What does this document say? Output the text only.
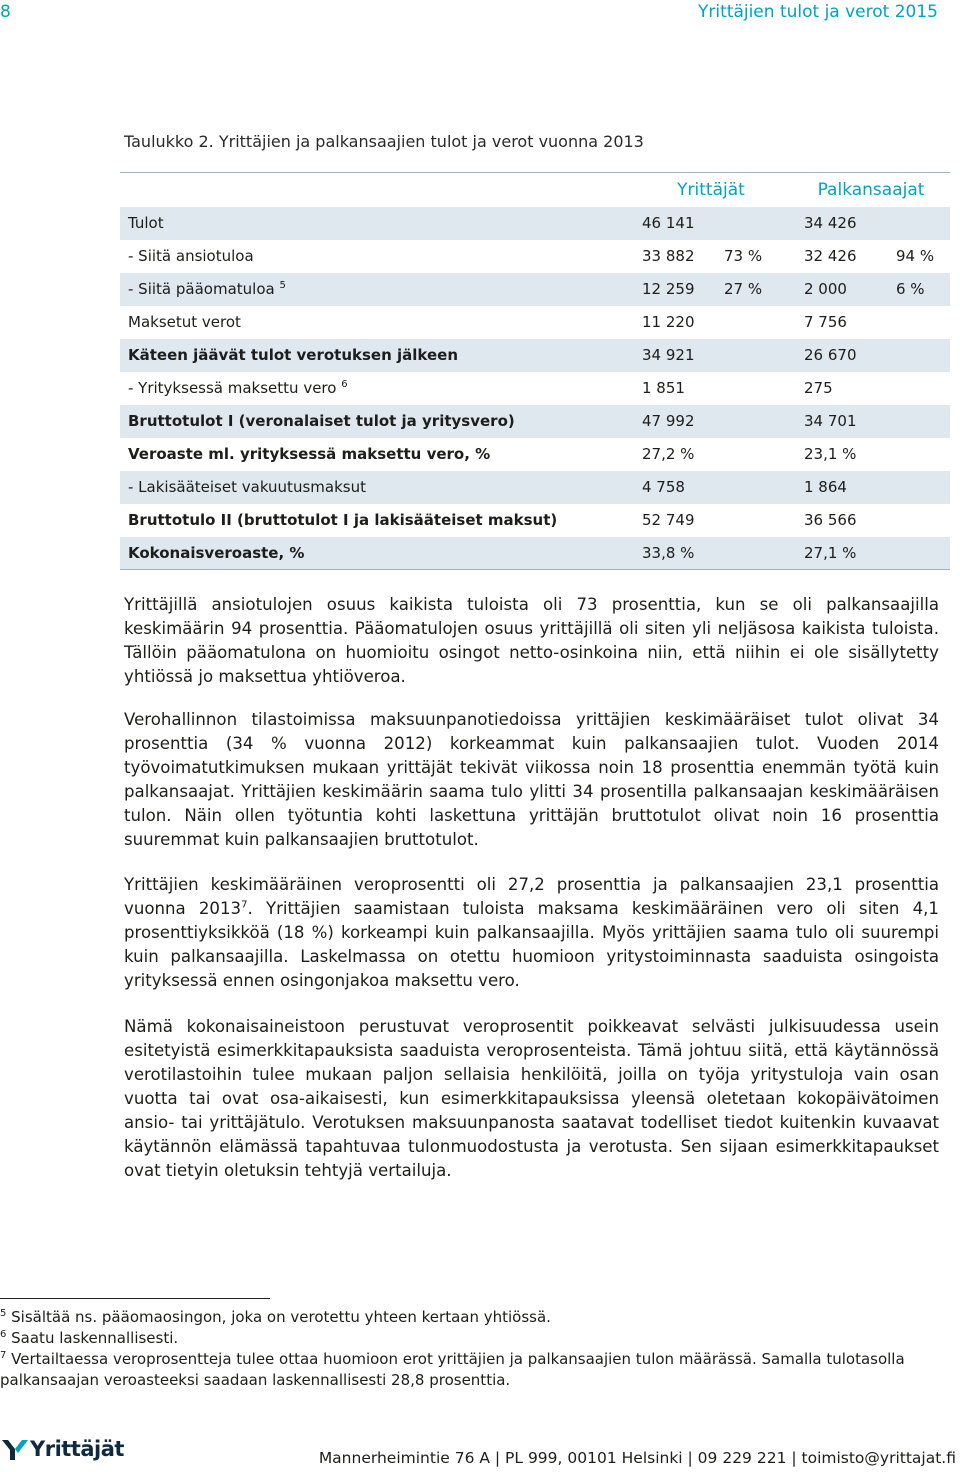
8	Yrittäjien tulot ja verot 2015
Taulukko 2. Yrittäjien ja palkansaajien tulot ja verot vuonna 2013
	Yrittäjät		Palkansaajat	
Tulot	46 141		34 426	
- Siitä ansiotuloa	33 882	73 %	32 426	94 %
- Siitä pääomatuloa $^5$	12 259	27 %	2 000	6 %
Maksetut verot	11 220		7 756	
Käteen jäävät tulot verotuksen jälkeen	34 921		26 670	
- Yrityksessä maksettu vero $^6$	1 851		275	
Bruttotulot I (veronalaiset tulot ja yritysvero)	47 992		34 701	
Veroaste ml. yrityksessä maksettu vero, %	27,2 %		23,1 %	
- Lakisääteiset vakuutusmaksut	4 758		1 864	
Bruttotulo II (bruttotulot I ja lakisääteiset maksut)	52 749		36 566	
Kokonaisveroaste, %	33,8 %		27,1 %	
Yrittäjillä ansiotulojen osuus kaikista tuloista oli 73 prosenttia, kun se oli palkansaajilla keskimäärin 94 prosenttia. Pääomatulojen osuus yrittäjillä oli siten yli neljäsosa kaikista tuloista. Tällöin pääomatulona on huomioitu osingot netto-osinkoina niin, että niihin ei ole sisällytetty yhtiössä jo maksettua yhtiöveroa.
Verohallinnon tilastoimissa maksuunpanotiedoissa yrittäjien keskimääräiset tulot olivat 34 prosenttia (34 % vuonna 2012) korkeammat kuin palkansaajien tulot. Vuoden 2014 työvoimatutkimuksen mukaan yrittäjät tekivät viikossa noin 18 prosenttia enemmän työtä kuin palkansaajat. Yrittäjien keskimäärin saama tulo ylitti 34 prosentilla palkansaajan keskimääräisen tulon. Näin ollen työtuntia kohti laskettuna yrittäjän bruttotulot olivat noin 16 prosenttia suuremmat kuin palkansaajien bruttotulot.
Yrittäjien keskimääräinen veroprosentti oli 27,2 prosenttia ja palkansaajien 23,1 prosenttia vuonna 2013$^7$. Yrittäjien saamistaan tuloista maksama keskimääräinen vero oli siten 4,1 prosenttiyksikköä (18 %) korkeampi kuin palkansaajilla. Myös yrittäjien saama tulo oli suurempi kuin palkansaajilla. Laskelmassa on otettu huomioon yritystoiminnasta saaduista osingoista yrityksessä ennen osingonjakoa maksettu vero.
Nämä kokonaisaineistoon perustuvat veroprosentit poikkeavat selvästi julkisuudessa usein esitetyistä esimerkkitapauksista saaduista veroprosenteista. Tämä johtuu siitä, että käytännössä verotilastoihin tulee mukaan paljon sellaisia henkilöitä, joilla on työja yritystuloja vain osan vuotta tai ovat osa-aikaisesti, kun esimerkkitapauksissa yleensä oletetaan kokopäivätoimen ansio- tai yrittäjätulo. Verotuksen maksuunpanosta saatavat todelliset tiedot kuitenkin kuvaavat käytännön elämässä tapahtuvaa tulonmuodostusta ja verotusta. Sen sijaan esimerkkitapaukset ovat tietyin oletuksin tehtyjä vertailuja.
$^5$ Sisältää ns. pääomaosingon, joka on verotettu yhteen kertaan yhtiössä.
$^6$ Saatu laskennallisesti.
$^7$ Vertailtaessa veroprosentteja tulee ottaa huomioon erot yrittäjien ja palkansaajien tulon määrässä. Samalla tulotasolla palkansaajan veroasteeksi saadaan laskennallisesti 28,8 prosenttia.
Yrittäjät	Mannerheimintie 76 A | PL 999, 00101 Helsinki | 09 229 221 | toimisto@yrittajat.fi
